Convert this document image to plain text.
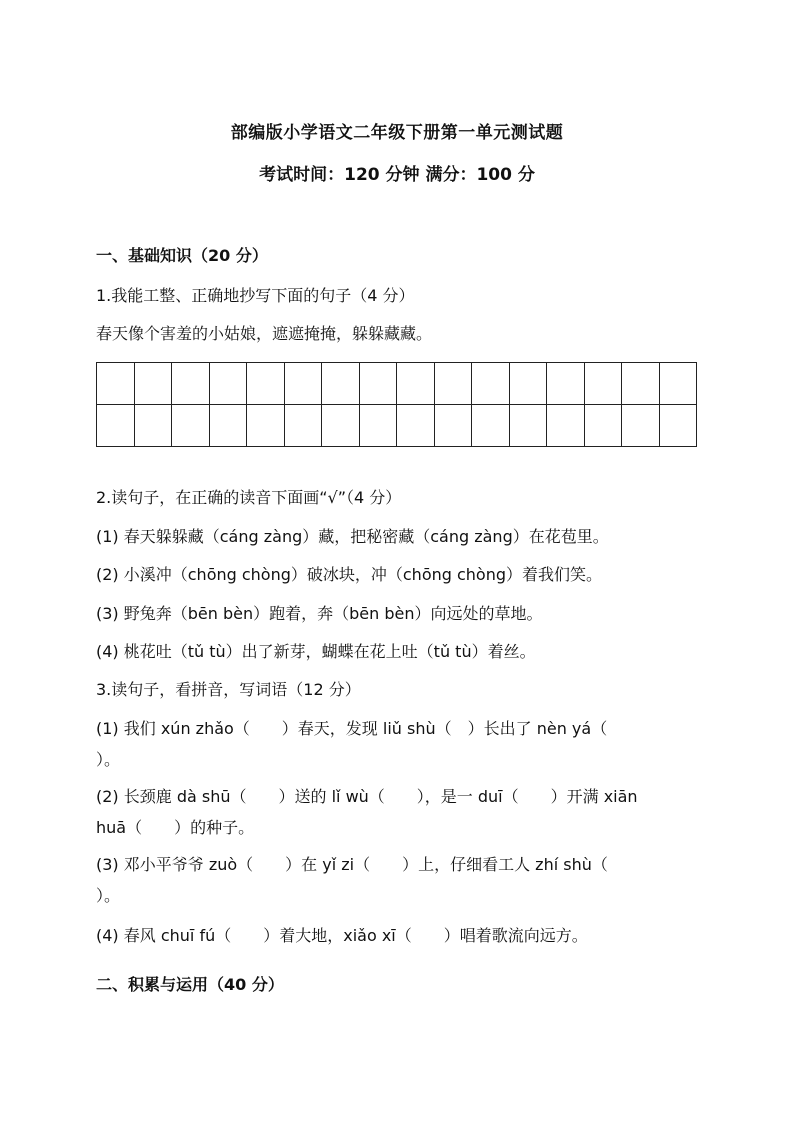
部编版小学语文二年级下册第一单元测试题
考试时间：120 分钟 满分：100 分
一、基础知识（20 分）
1.我能工整、正确地抄写下面的句子（4 分）
春天像个害羞的小姑娘，遮遮掩掩，躲躲藏藏。

2.读句子，在正确的读音下面画“√”（4 分）
(1) 春天躲躲藏（cáng zàng）藏，把秘密藏（cáng zàng）在花苞里。
(2) 小溪冲（chōng chòng）破冰块，冲（chōng chòng）着我们笑。
(3) 野兔奔（bēn bèn）跑着，奔（bēn bèn）向远处的草地。
(4) 桃花吐（tǔ tù）出了新芽，蝴蝶在花上吐（tǔ tù）着丝。
3.读句子，看拼音，写词语（12 分）
(1) 我们 xún zhǎo（　　）春天，发现 liǔ shù（　）长出了 nèn yá（
）。
(2) 长颈鹿 dà shū（　　）送的 lǐ wù（　　），是一 duī（　　）开满 xiān
huā（　　）的种子。
(3) 邓小平爷爷 zuò（　　）在 yǐ zi（　　）上，仔细看工人 zhí shù（
）。
(4) 春风 chuī fú（　　）着大地，xiǎo xī（　　）唱着歌流向远方。
二、积累与运用（40 分）
